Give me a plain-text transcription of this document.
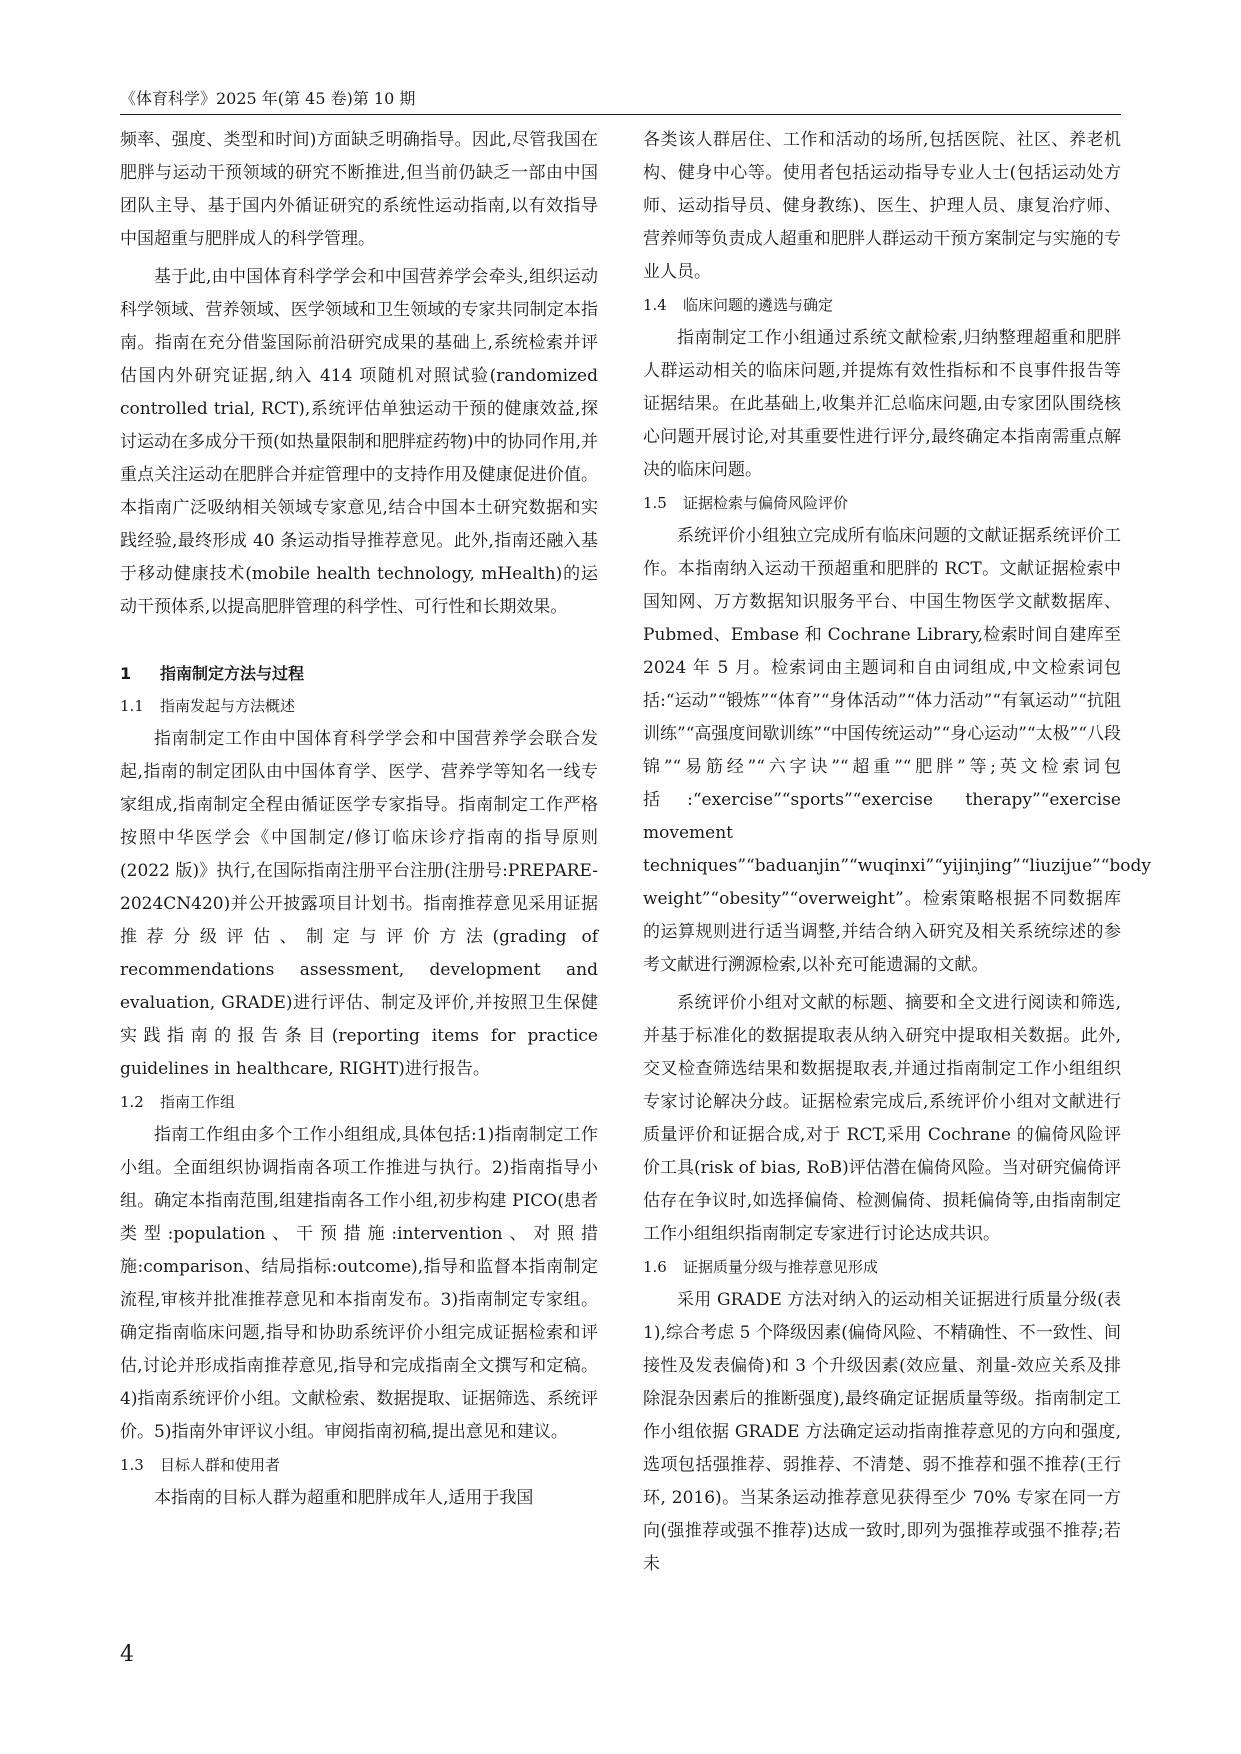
《体育科学》2025 年(第 45 卷)第 10 期

频率、强度、类型和时间)方面缺乏明确指导。因此,尽管我国在肥胖与运动干预领域的研究不断推进,但当前仍缺乏一部由中国团队主导、基于国内外循证研究的系统性运动指南,以有效指导中国超重与肥胖成人的科学管理。

基于此,由中国体育科学学会和中国营养学会牵头,组织运动科学领域、营养领域、医学领域和卫生领域的专家共同制定本指南。指南在充分借鉴国际前沿研究成果的基础上,系统检索并评估国内外研究证据,纳入 414 项随机对照试验(randomized controlled trial, RCT),系统评估单独运动干预的健康效益,探讨运动在多成分干预(如热量限制和肥胖症药物)中的协同作用,并重点关注运动在肥胖合并症管理中的支持作用及健康促进价值。本指南广泛吸纳相关领域专家意见,结合中国本土研究数据和实践经验,最终形成 40 条运动指导推荐意见。此外,指南还融入基于移动健康技术(mobile health technology, mHealth)的运动干预体系,以提高肥胖管理的科学性、可行性和长期效果。

1 指南制定方法与过程
1.1 指南发起与方法概述

指南制定工作由中国体育科学学会和中国营养学会联合发起,指南的制定团队由中国体育学、医学、营养学等知名一线专家组成,指南制定全程由循证医学专家指导。指南制定工作严格按照中华医学会《中国制定/修订临床诊疗指南的指导原则(2022 版)》执行,在国际指南注册平台注册(注册号:PREPARE-2024CN420)并公开披露项目计划书。指南推荐意见采用证据推荐分级评估、制定与评价方法(grading of recommendations assessment, development and evaluation, GRADE)进行评估、制定及评价,并按照卫生保健实践指南的报告条目(reporting items for practice guidelines in healthcare, RIGHT)进行报告。

1.2 指南工作组

指南工作组由多个工作小组组成,具体包括:1)指南制定工作小组。全面组织协调指南各项工作推进与执行。2)指南指导小组。确定本指南范围,组建指南各工作小组,初步构建 PICO(患者类型:population、干预措施:intervention、对照措施:comparison、结局指标:outcome),指导和监督本指南制定流程,审核并批准推荐意见和本指南发布。3)指南制定专家组。确定指南临床问题,指导和协助系统评价小组完成证据检索和评估,讨论并形成指南推荐意见,指导和完成指南全文撰写和定稿。4)指南系统评价小组。文献检索、数据提取、证据筛选、系统评价。5)指南外审评议小组。审阅指南初稿,提出意见和建议。

1.3 目标人群和使用者

本指南的目标人群为超重和肥胖成年人,适用于我国

各类该人群居住、工作和活动的场所,包括医院、社区、养老机构、健身中心等。使用者包括运动指导专业人士(包括运动处方师、运动指导员、健身教练)、医生、护理人员、康复治疗师、营养师等负责成人超重和肥胖人群运动干预方案制定与实施的专业人员。

1.4 临床问题的遴选与确定

指南制定工作小组通过系统文献检索,归纳整理超重和肥胖人群运动相关的临床问题,并提炼有效性指标和不良事件报告等证据结果。在此基础上,收集并汇总临床问题,由专家团队围绕核心问题开展讨论,对其重要性进行评分,最终确定本指南需重点解决的临床问题。

1.5 证据检索与偏倚风险评价

系统评价小组独立完成所有临床问题的文献证据系统评价工作。本指南纳入运动干预超重和肥胖的 RCT。文献证据检索中国知网、万方数据知识服务平台、中国生物医学文献数据库、Pubmed、Embase 和 Cochrane Library,检索时间自建库至 2024 年 5 月。检索词由主题词和自由词组成,中文检索词包括:“运动”“锻炼”“体育”“身体活动”“体力活动”“有氧运动”“抗阻训练”“高强度间歇训练”“中国传统运动”“身心运动”“太极”“八段锦”“易筋经”“六字诀”“超重”“肥胖”等;英文检索词包括:“exercise”“sports”“exercise therapy”“exercise movement techniques”“baduanjin”“wuqinxi”“yijinjing”“liuzijue”“body weight”“obesity”“overweight”。检索策略根据不同数据库的运算规则进行适当调整,并结合纳入研究及相关系统综述的参考文献进行溯源检索,以补充可能遗漏的文献。

系统评价小组对文献的标题、摘要和全文进行阅读和筛选,并基于标准化的数据提取表从纳入研究中提取相关数据。此外,交叉检查筛选结果和数据提取表,并通过指南制定工作小组组织专家讨论解决分歧。证据检索完成后,系统评价小组对文献进行质量评价和证据合成,对于 RCT,采用 Cochrane 的偏倚风险评价工具(risk of bias, RoB)评估潜在偏倚风险。当对研究偏倚评估存在争议时,如选择偏倚、检测偏倚、损耗偏倚等,由指南制定工作小组组织指南制定专家进行讨论达成共识。

1.6 证据质量分级与推荐意见形成

采用 GRADE 方法对纳入的运动相关证据进行质量分级(表 1),综合考虑 5 个降级因素(偏倚风险、不精确性、不一致性、间接性及发表偏倚)和 3 个升级因素(效应量、剂量-效应关系及排除混杂因素后的推断强度),最终确定证据质量等级。指南制定工作小组依据 GRADE 方法确定运动指南推荐意见的方向和强度,选项包括强推荐、弱推荐、不清楚、弱不推荐和强不推荐(王行环, 2016)。当某条运动推荐意见获得至少 70% 专家在同一方向(强推荐或强不推荐)达成一致时,即列为强推荐或强不推荐;若未

4
